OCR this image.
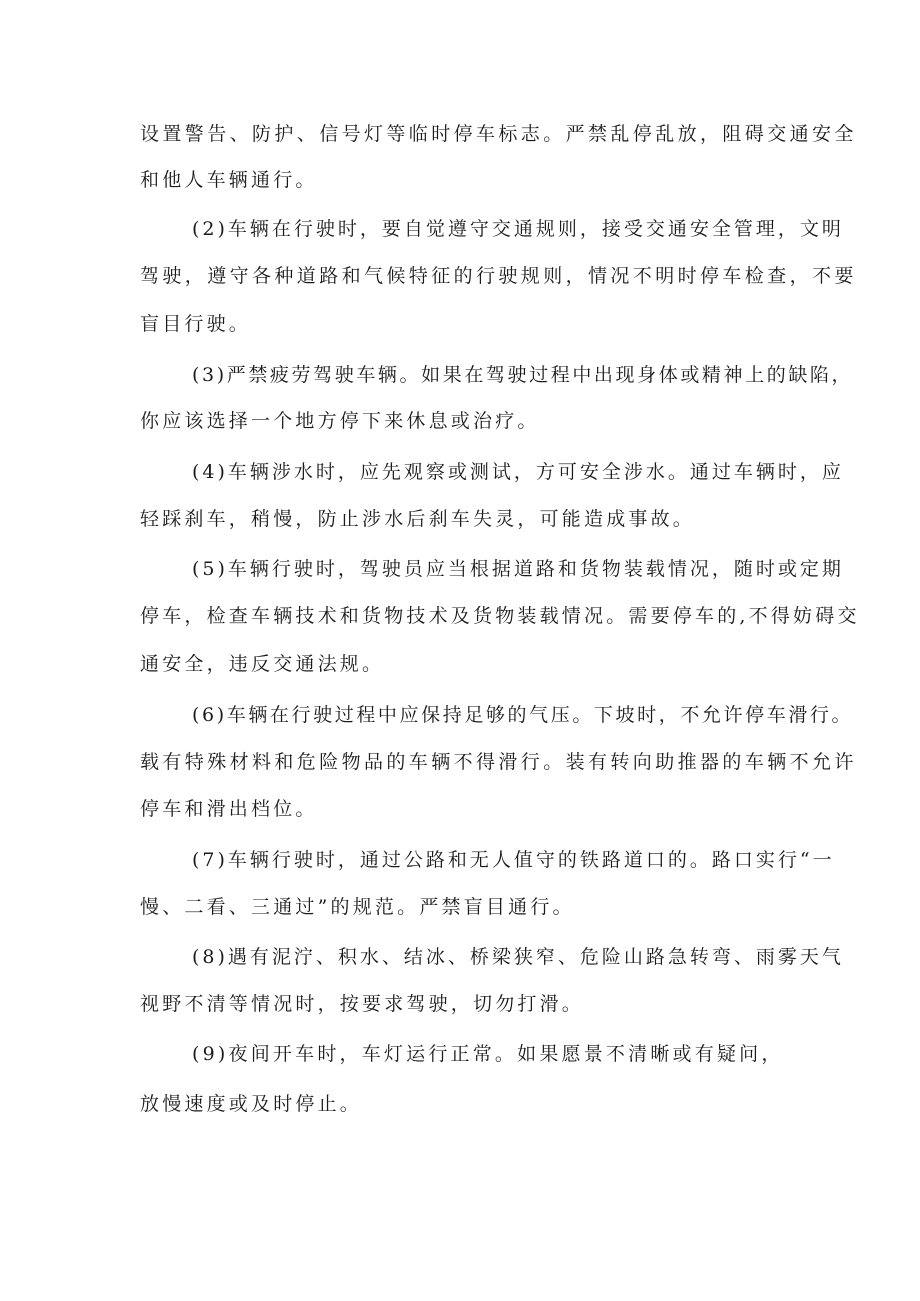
设置警告、防护、信号灯等临时停车标志。严禁乱停乱放，阻碍交通安全
和他人车辆通行。
(2)车辆在行驶时，要自觉遵守交通规则，接受交通安全管理，文明
驾驶，遵守各种道路和气候特征的行驶规则，情况不明时停车检查，不要
盲目行驶。
(3)严禁疲劳驾驶车辆。如果在驾驶过程中出现身体或精神上的缺陷，
你应该选择一个地方停下来休息或治疗。
(4)车辆涉水时，应先观察或测试，方可安全涉水。通过车辆时，应
轻踩刹车，稍慢，防止涉水后刹车失灵，可能造成事故。
(5)车辆行驶时，驾驶员应当根据道路和货物装载情况，随时或定期
停车，检查车辆技术和货物技术及货物装载情况。需要停车的,不得妨碍交
通安全，违反交通法规。
(6)车辆在行驶过程中应保持足够的气压。下坡时，不允许停车滑行。
载有特殊材料和危险物品的车辆不得滑行。装有转向助推器的车辆不允许
停车和滑出档位。
(7)车辆行驶时，通过公路和无人值守的铁路道口的。路口实行“一
慢、二看、三通过”的规范。严禁盲目通行。
(8)遇有泥泞、积水、结冰、桥梁狭窄、危险山路急转弯、雨雾天气
视野不清等情况时，按要求驾驶，切勿打滑。
(9)夜间开车时，车灯运行正常。如果愿景不清晰或有疑问，
放慢速度或及时停止。
